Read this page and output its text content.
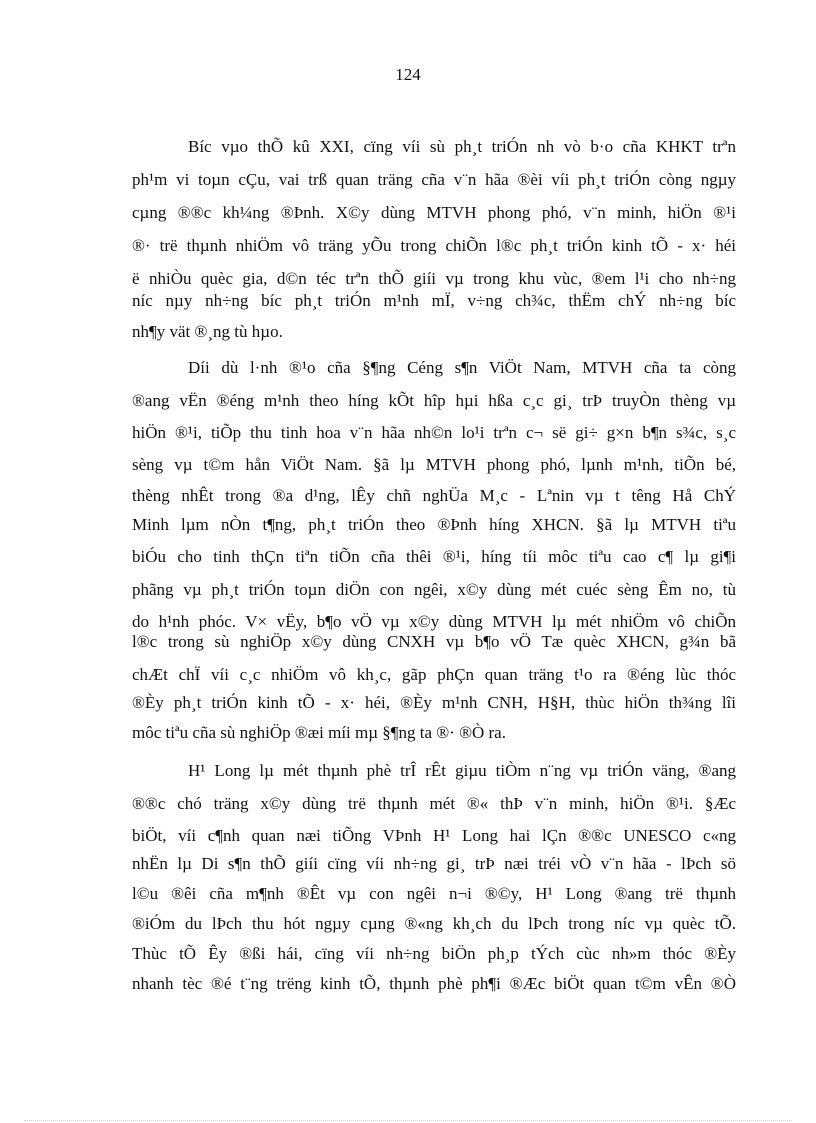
124
Bíc vµo thÕ kû XXI, cïng víi sù ph¸t triÓn nh vò b·o cña KHKT trªn
ph¹m vi toµn cÇu, vai trß quan träng cña v¨n hãa ®èi víi ph¸t triÓn còng ngµy
cµng ®®c kh¼ng ®Þnh. X©y dùng MTVH phong phó, v¨n minh, hiÖn ®¹i
®· trë thµnh nhiÖm vô träng yÕu trong chiÕn l®c ph¸t triÓn kinh tÕ - x· héi
ë nhiÒu quèc gia, d©n téc trªn thÕ giíi vµ trong khu vùc, ®em l¹i cho nh÷ng
níc nµy nh÷ng bíc ph¸t triÓn m¹nh mÏ, v÷ng ch¾c, thËm chÝ nh÷ng bíc
nh¶y vät ®¸ng tù hµo.
Díi dù l·nh ®¹o cña §¶ng Céng s¶n ViÖt Nam, MTVH cña ta còng
®ang vËn ®éng m¹nh theo híng kÕt hîp hµi hßa c¸c gi¸ trÞ truyÒn thèng vµ
hiÖn ®¹i, tiÕp thu tinh hoa v¨n hãa nh©n lo¹i trªn c¬ së gi÷ g×n b¶n s¾c, s¸c
sèng vµ t©m hån ViÖt Nam. §ã lµ MTVH phong phó, lµnh m¹nh, tiÕn bé,
thèng nhÊt trong ®a d¹ng, lÊy chñ nghÜa M¸c - Lªnin vµ t têng Hå ChÝ
Minh lµm nÒn t¶ng, ph¸t triÓn theo ®Þnh híng XHCN. §ã lµ MTVH tiªu
biÓu cho tinh thÇn tiªn tiÕn cña thêi ®¹i, híng tíi môc tiªu cao c¶ lµ gi¶i
phãng vµ ph¸t triÓn toµn diÖn con ngêi, x©y dùng mét cuéc sèng Êm no, tù
do h¹nh phóc. V× vËy, b¶o vÖ vµ x©y dùng MTVH lµ mét nhiÖm vô chiÕn
l®c trong sù nghiÖp x©y dùng CNXH vµ b¶o vÖ Tæ quèc XHCN, g¾n bã
chÆt chÏ víi c¸c nhiÖm vô kh¸c, gãp phÇn quan träng t¹o ra ®éng lùc thóc
®Èy ph¸t triÓn kinh tÕ - x· héi, ®Èy m¹nh CNH, H§H, thùc hiÖn th¾ng lîi
môc tiªu cña sù nghiÖp ®æi míi mµ §¶ng ta ®· ®Ò ra.
H¹ Long lµ mét thµnh phè trÎ rÊt giµu tiÒm n¨ng vµ triÓn väng, ®ang
®®c chó träng x©y dùng trë thµnh mét ®« thÞ v¨n minh, hiÖn ®¹i. §Æc
biÖt, víi c¶nh quan næi tiÕng VÞnh H¹ Long hai lÇn ®®c UNESCO c«ng
nhËn lµ Di s¶n thÕ giíi cïng víi nh÷ng gi¸ trÞ næi tréi vÒ v¨n hãa - lÞch sö
l©u ®êi cña m¶nh ®Êt vµ con ngêi n¬i ®©y, H¹ Long ®ang trë thµnh
®iÓm du lÞch thu hót ngµy cµng ®«ng kh¸ch du lÞch trong níc vµ quèc tÕ.
Thùc tÕ Êy ®ßi hái, cïng víi nh÷ng biÖn ph¸p tÝch cùc nh»m thóc ®Èy
nhanh tèc ®é t¨ng trëng kinh tÕ, thµnh phè ph¶i ®Æc biÖt quan t©m vÊn ®Ò
